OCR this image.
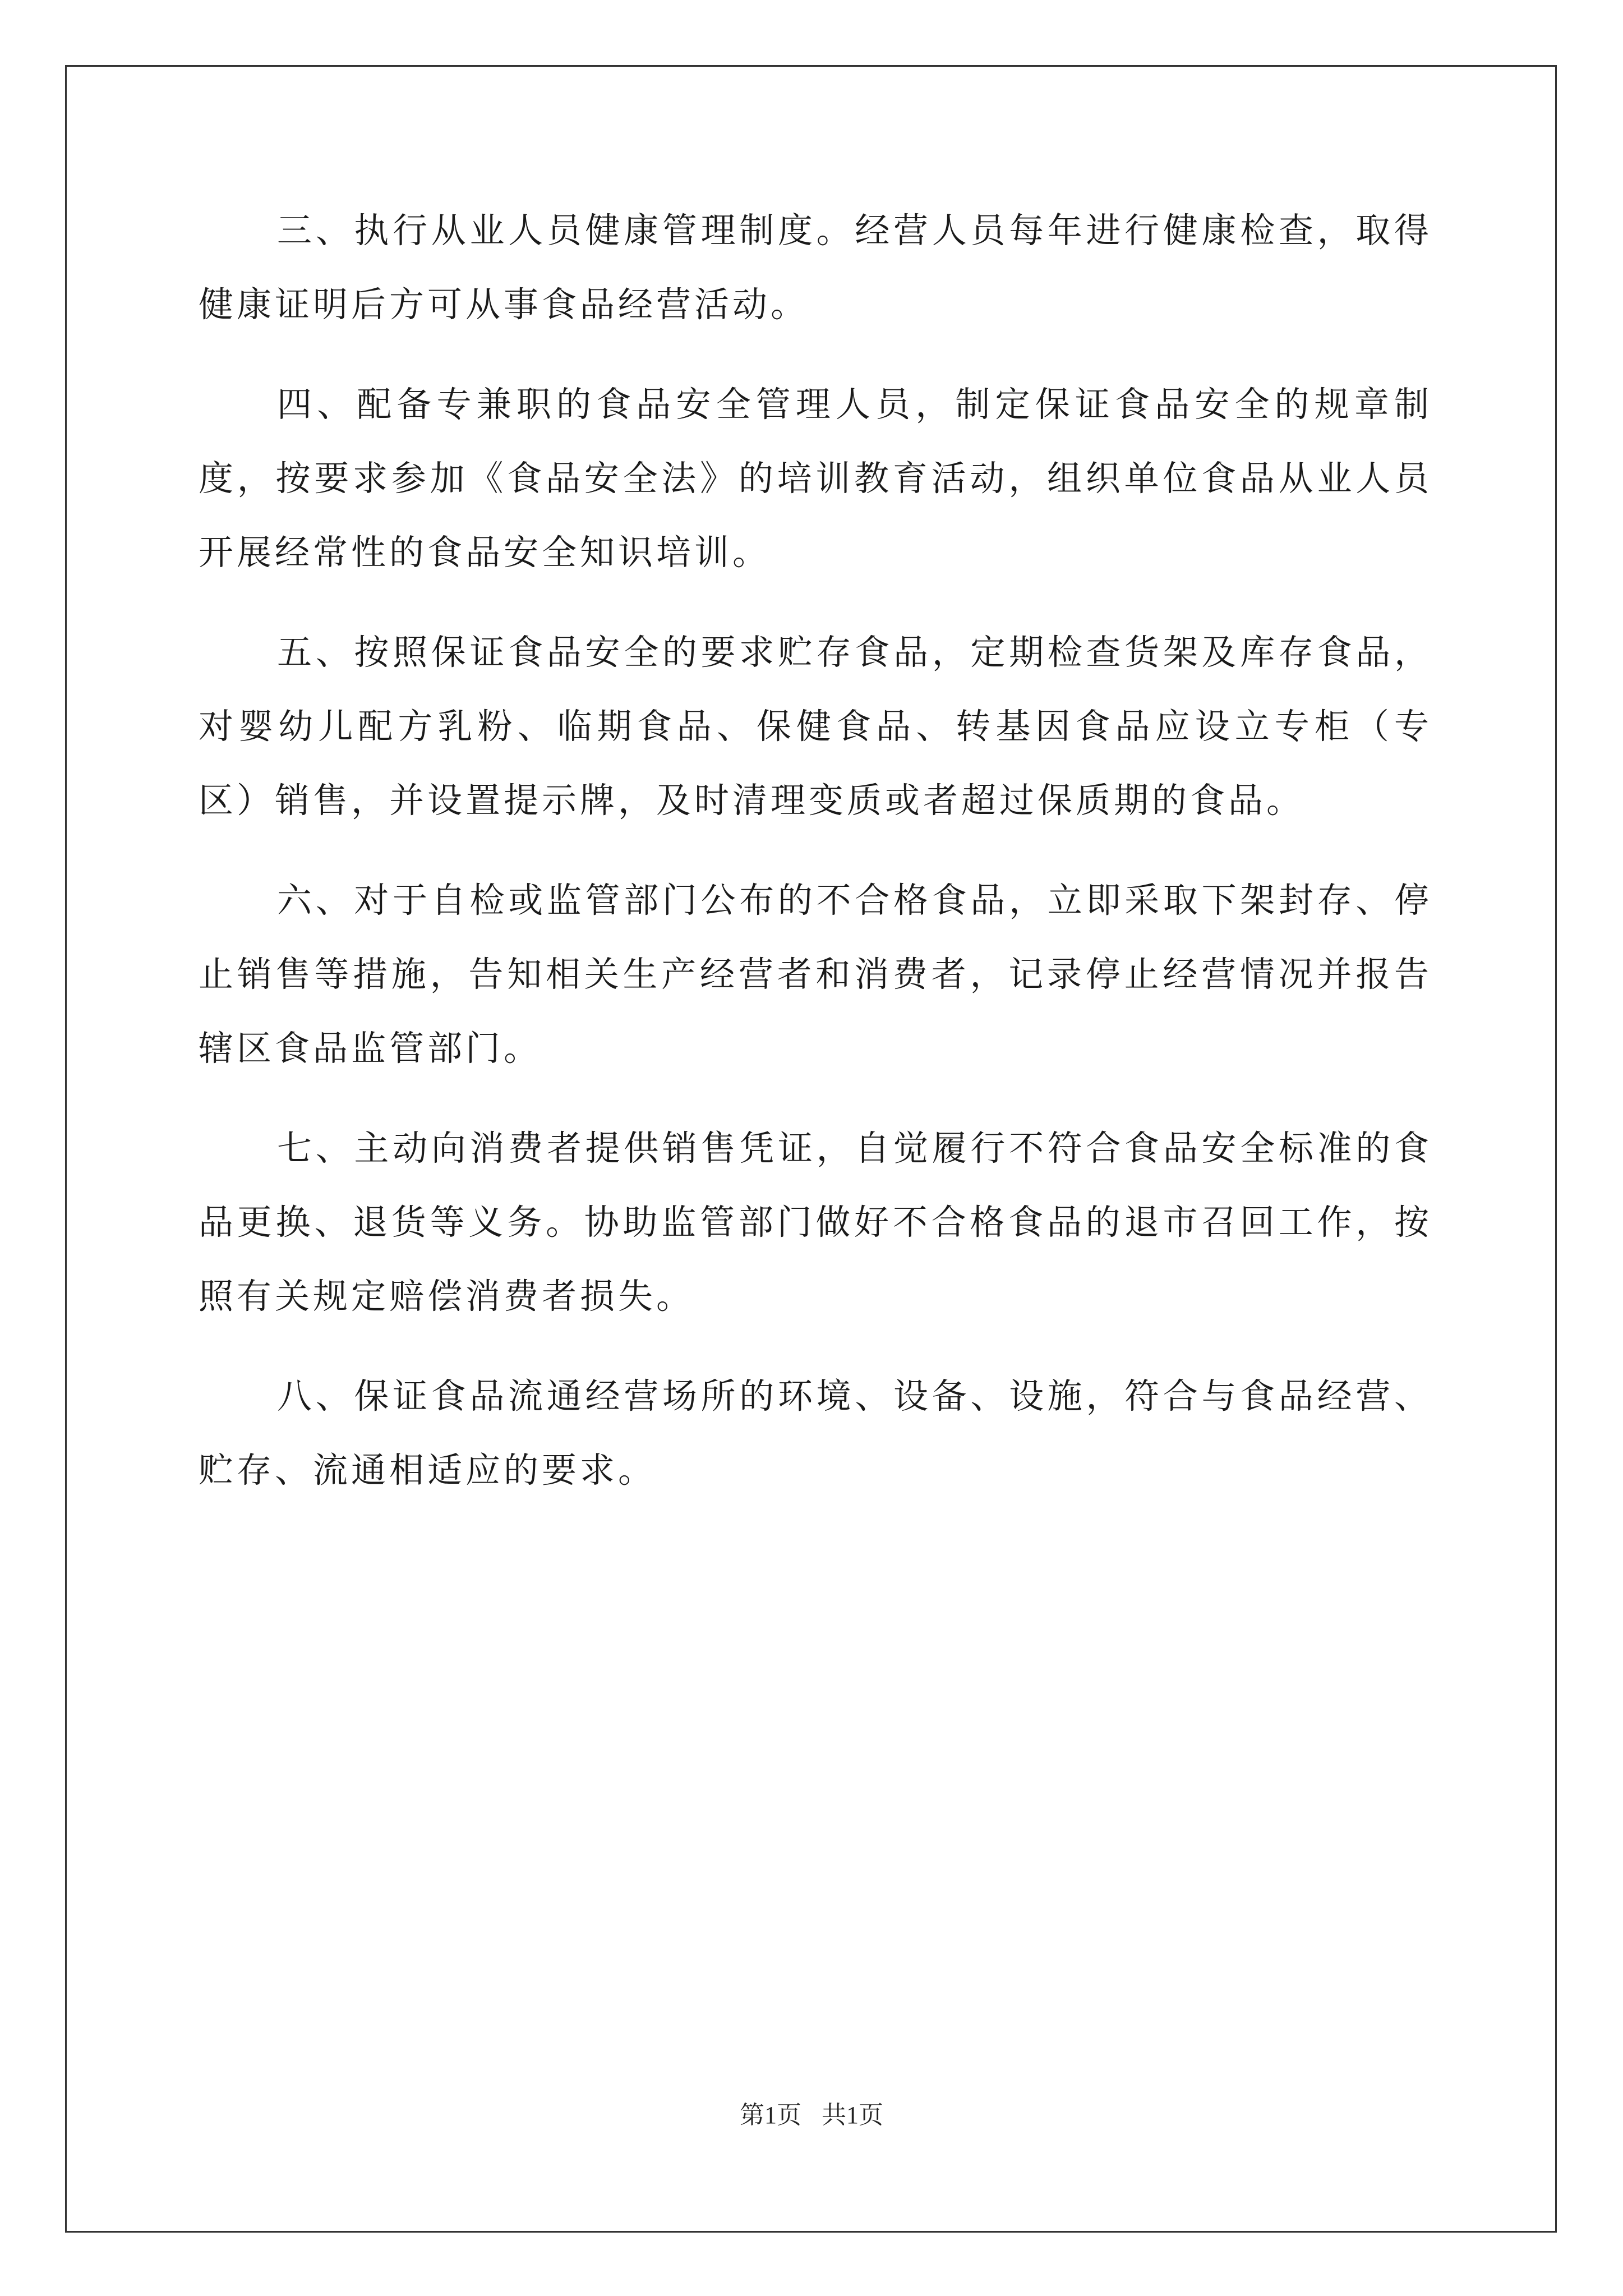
三、执行从业人员健康管理制度。经营人员每年进行健康检查，取得健康证明后方可从事食品经营活动。

四、配备专兼职的食品安全管理人员，制定保证食品安全的规章制度，按要求参加《食品安全法》的培训教育活动，组织单位食品从业人员开展经常性的食品安全知识培训。

五、按照保证食品安全的要求贮存食品，定期检查货架及库存食品，对婴幼儿配方乳粉、临期食品、保健食品、转基因食品应设立专柜（专区）销售，并设置提示牌，及时清理变质或者超过保质期的食品。

六、对于自检或监管部门公布的不合格食品，立即采取下架封存、停止销售等措施，告知相关生产经营者和消费者，记录停止经营情况并报告辖区食品监管部门。

七、主动向消费者提供销售凭证，自觉履行不符合食品安全标准的食品更换、退货等义务。协助监管部门做好不合格食品的退市召回工作，按照有关规定赔偿消费者损失。

八、保证食品流通经营场所的环境、设备、设施，符合与食品经营、贮存、流通相适应的要求。

第1页 共1页
